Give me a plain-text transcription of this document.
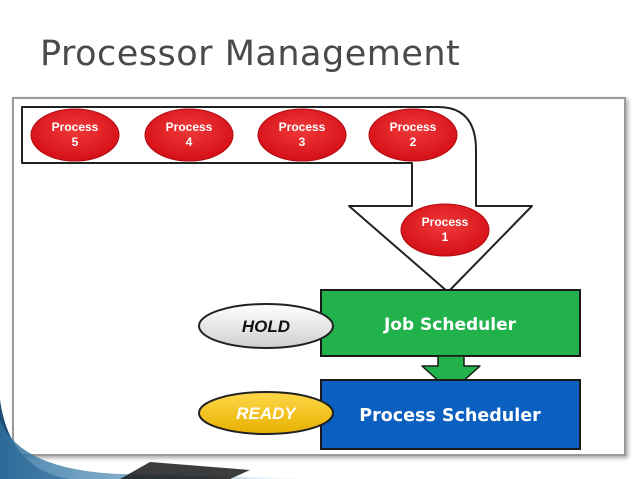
Processor Management
Process
5
Process
4
Process
3
Process
2
Process
1
Job Scheduler
Process Scheduler
HOLD
READY
